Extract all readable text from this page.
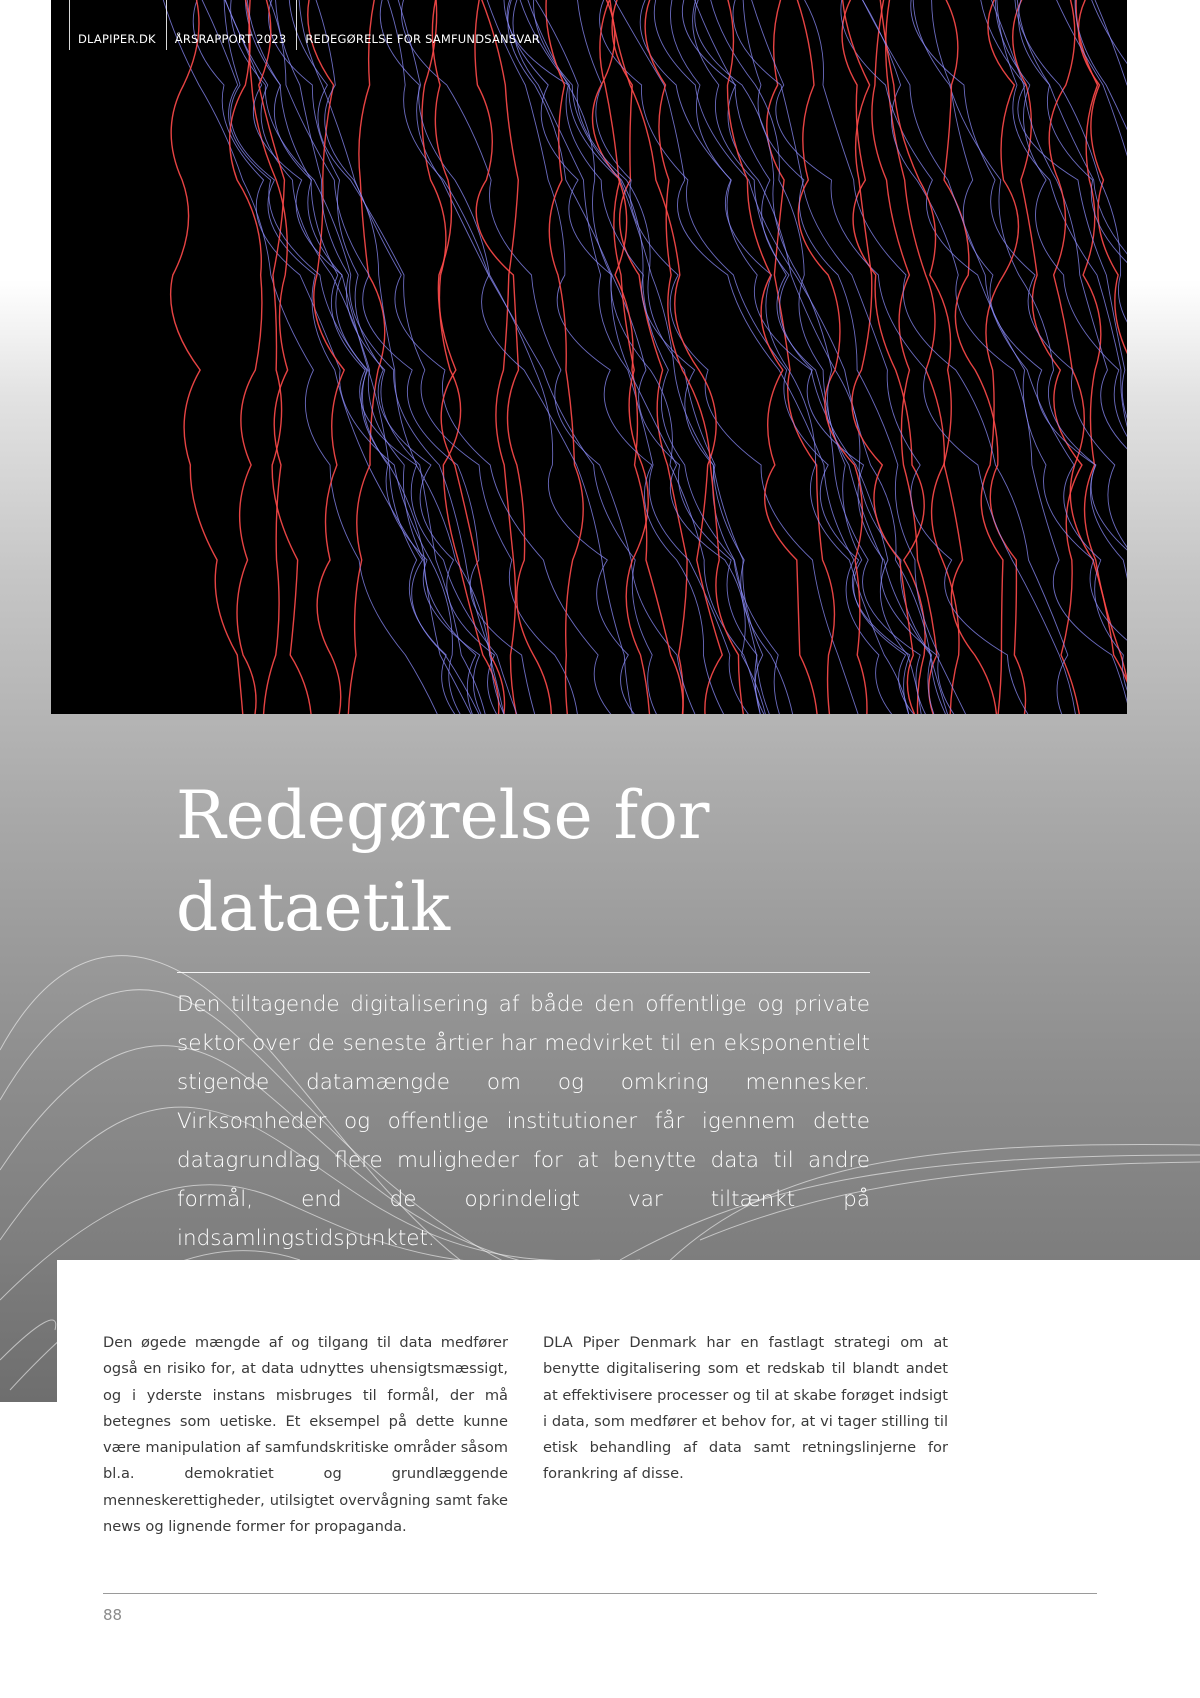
DLAPIPER.DK	ÅRSRAPPORT 2023	REDEGØRELSE FOR SAMFUNDSANSVAR
Redegørelse for
dataetik

Den tiltagende digitalisering af både den offentlige og private sektor over de seneste årtier har medvirket til en eksponentielt stigende datamængde om og omkring mennesker. Virksomheder og offentlige institutioner får igennem dette datagrundlag flere muligheder for at benytte data til andre formål, end de oprindeligt var tiltænkt på indsamlingstidspunktet.

Den øgede mængde af og tilgang til data medfører også en risiko for, at data udnyttes uhensigtsmæssigt, og i yderste instans misbruges til formål, der må betegnes som uetiske. Et eksempel på dette kunne være manipulation af samfundskritiske områder såsom bl.a. demokratiet og grundlæggende menneskerettigheder, utilsigtet overvågning samt fake news og lignende former for propaganda.

DLA Piper Denmark har en fastlagt strategi om at benytte digitalisering som et redskab til blandt andet at effektivisere processer og til at skabe forøget indsigt i data, som medfører et behov for, at vi tager stilling til etisk behandling af data samt retningslinjerne for forankring af disse.

88
